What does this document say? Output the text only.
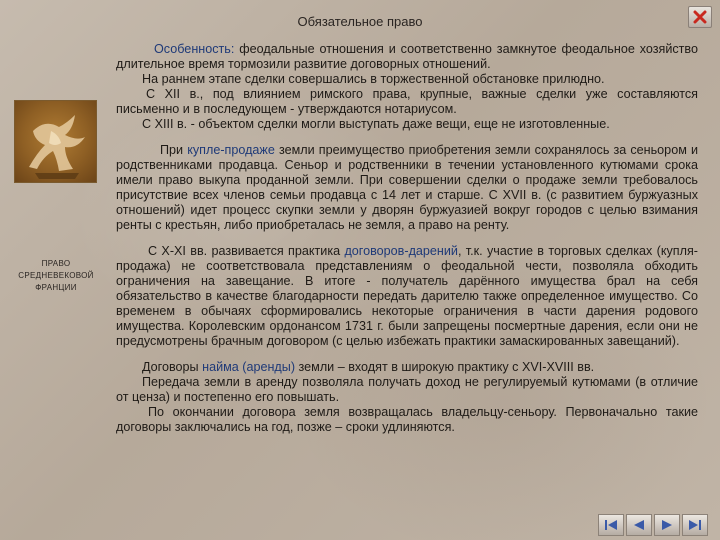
Обязательное право
ПРАВО
СРЕДНЕВЕКОВОЙ
ФРАНЦИИ

Особенность: феодальные отношения и соответственно замкнутое феодальное хозяйство длительное время тормозили развитие договорных отношений.

На раннем этапе сделки совершались в торжественной обстановке прилюдно.

С XII в., под влиянием римского права, крупные, важные сделки уже составляются письменно и в последующем - утверждаются нотариусом.

С XIII в. - объектом сделки могли выступать даже вещи, еще не изготовленные.

При купле-продаже земли преимущество приобретения земли сохранялось за сеньором и родственниками продавца. Сеньор и родственники в течении установленного кутюмами срока имели право выкупа проданной земли. При совершении сделки о продаже земли требовалось присутствие всех членов семьи продавца с 14 лет и старше. С XVII в. (с развитием буржуазных отношений) идет процесс скупки земли у дворян буржуазией вокруг городов с целью взимания ренты с крестьян, либо приобреталась не земля, а право на ренту.

С X-XI вв. развивается практика договоров-дарений, т.к. участие в торговых сделках (купля-продажа) не соответствовала представлениям о феодальной чести, позволяла обходить ограничения на завещание. В итоге - получатель дарённого имущества брал на себя обязательство в качестве благодарности передать дарителю также определенное имущество. Со временем в обычаях сформировались некоторые ограничения в части дарения родового имущества. Королевским ордонансом 1731 г. были запрещены посмертные дарения, если они не предусмотрены брачным договором (с целью избежать практики замаскированных завещаний).

Договоры найма (аренды) земли – входят в широкую практику с XVI-XVIII вв.

Передача земли в аренду позволяла получать доход не регулируемый кутюмами (в отличие от ценза) и постепенно его повышать.

По окончании договора земля возвращалась владельцу-сеньору. Первоначально такие договоры заключались на год, позже – сроки удлиняются.
